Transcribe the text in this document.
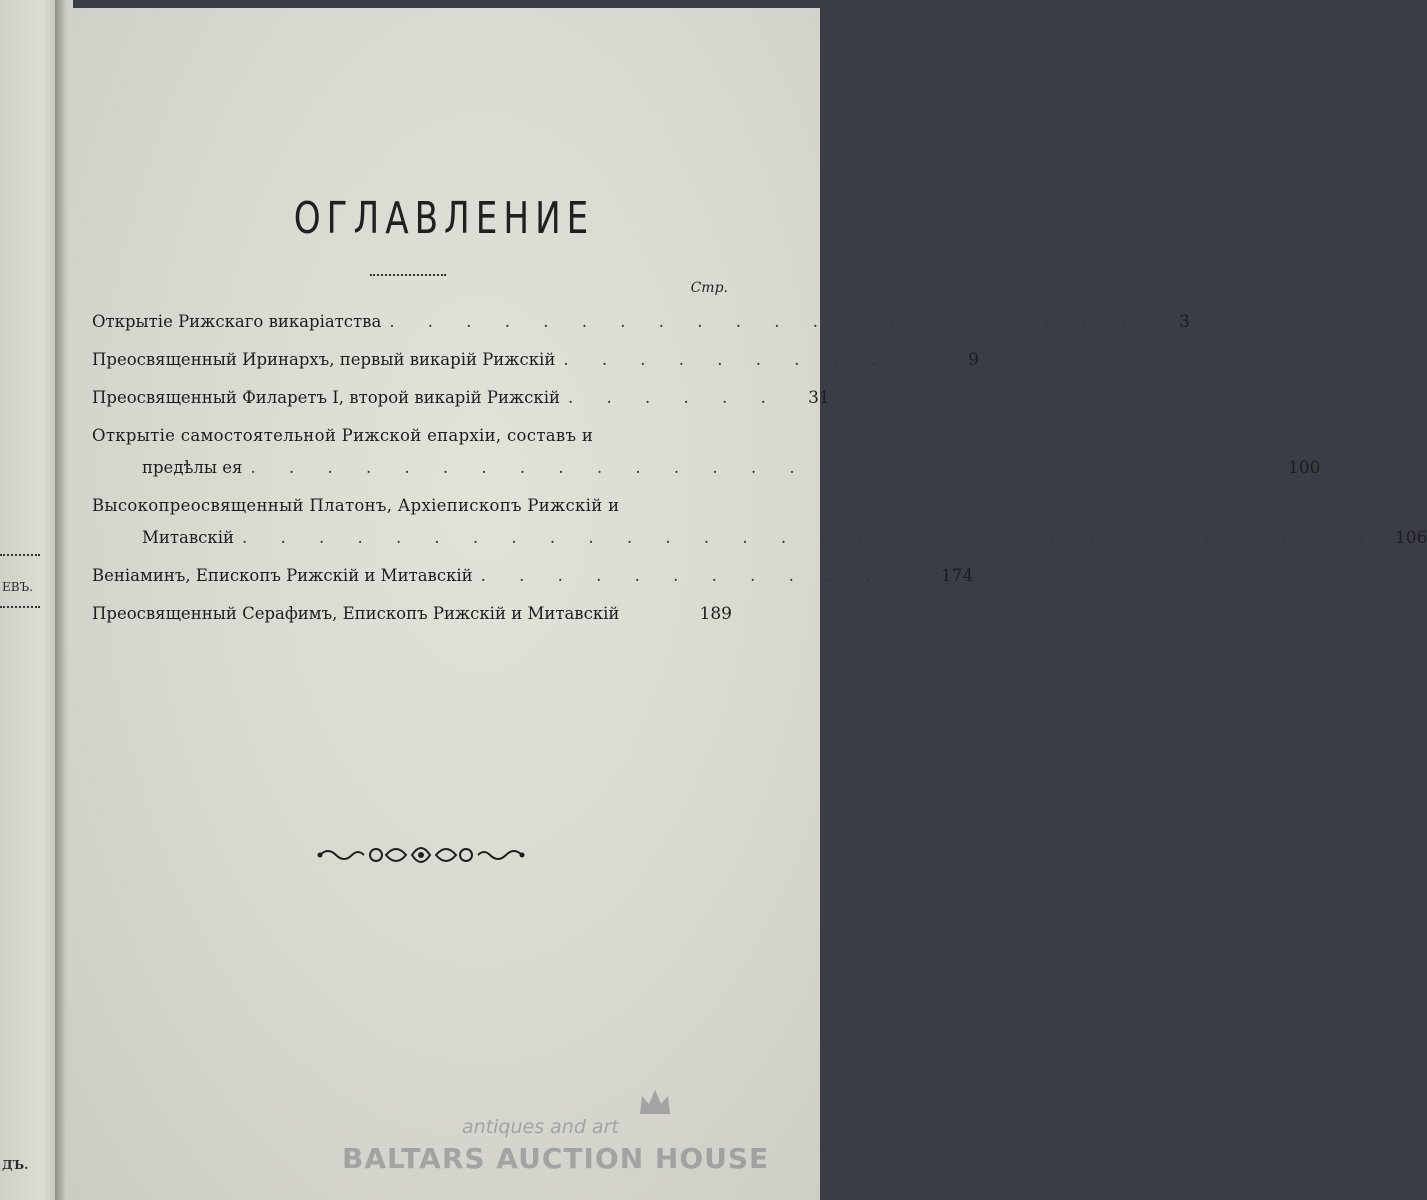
ЕВЪ.
ДЪ.
ОГЛАВЛЕНИЕ
Стр.
Открытіе Рижскаго викаріатства . . . . . . . . . . . . . . . . . . . .	3
Преосвященный Иринархъ, первый викарій Рижскій . . . . . . . . . .	9
Преосвященный Филаретъ I, второй викарій Рижскій . . . . . .	31
Открытіе самостоятельной Рижской епархіи, составъ и
предѣлы ея . . . . . . . . . . . . . . . . . . . . . . . . . . .	100
Высокопреосвященный Платонъ, Архіепископъ Рижскій и
Митавскій . . . . . . . . . . . . . . . . . . . . . . . . . . . . . .	106
Веніаминъ, Епископъ Рижскій и Митавскій . . . . . . . . . . . .	174
Преосвященный Серафимъ, Епископъ Рижскій и Митавскій	189
antiques and art
BALTARS AUCTION HOUSE
